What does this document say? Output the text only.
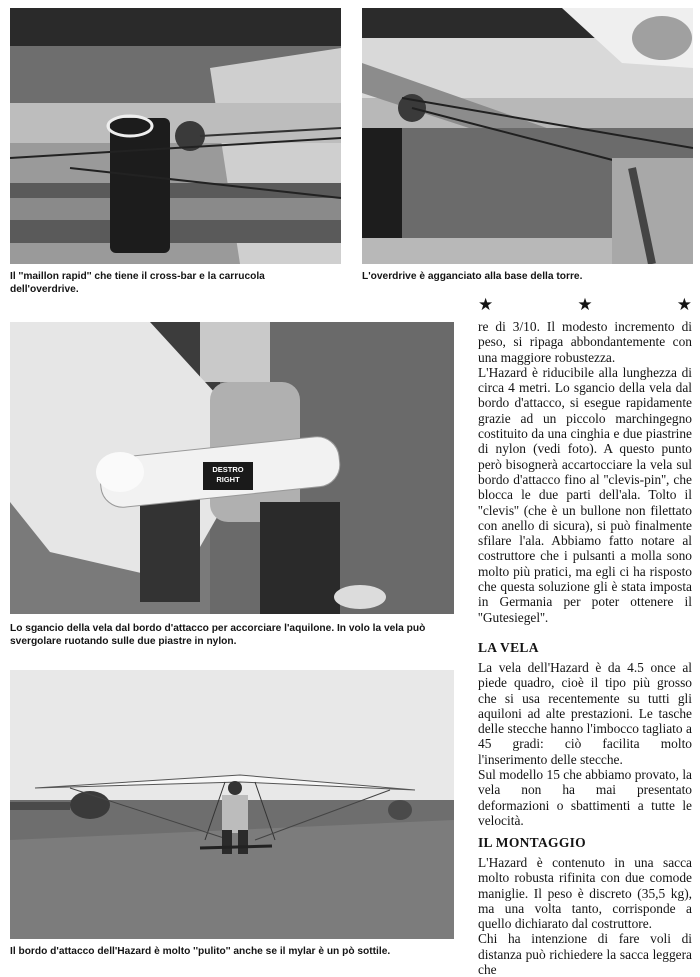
Il ''maillon rapid'' che tiene il cross-bar e la carrucola dell'overdrive.
L'overdrive è agganciato alla base della torre.
DESTRO
RIGHT
Lo sgancio della vela dal bordo d'attacco per accorciare l'aquilone. In volo la vela può svergolare ruotando sulle due piastre in nylon.
Il bordo d'attacco dell'Hazard è molto ''pulito'' anche se il mylar è un pò sottile.
★	★	★

re di 3/10. Il modesto incremento di peso, si ripaga abbondantemente con una maggiore robustezza.

L'Hazard è riducibile alla lunghezza di circa 4 metri. Lo sgancio della vela dal bordo d'attacco, si esegue rapidamente grazie ad un piccolo marchingegno costituito da una cinghia e due piastrine di nylon (vedi foto). A questo punto però bisognerà accartocciare la vela sul bordo d'attacco fino al ''clevis-pin'', che blocca le due parti dell'ala. Tolto il ''clevis'' (che è un bullone non filettato con anello di sicura), si può finalmente sfilare l'ala. Abbiamo fatto notare al costruttore che i pulsanti a molla sono molto più pratici, ma egli ci ha risposto che questa soluzione gli è stata imposta in Germania per poter ottenere il ''Gutesiegel''.

LA VELA

La vela dell'Hazard è da 4.5 once al piede quadro, cioè il tipo più grosso che si usa recentemente su tutti gli aquiloni ad alte prestazioni. Le tasche delle stecche hanno l'imbocco tagliato a 45 gradi: ciò facilita molto l'inserimento delle stecche.

Sul modello 15 che abbiamo provato, la vela non ha mai presentato deformazioni o sbattimenti a tutte le velocità.

IL MONTAGGIO

L'Hazard è contenuto in una sacca molto robusta rifinita con due comode maniglie. Il peso è discreto (35,5 kg), ma una volta tanto, corrisponde a quello dichiarato dal costruttore.

Chi ha intenzione di fare voli di distanza può richiedere la sacca leggera che
